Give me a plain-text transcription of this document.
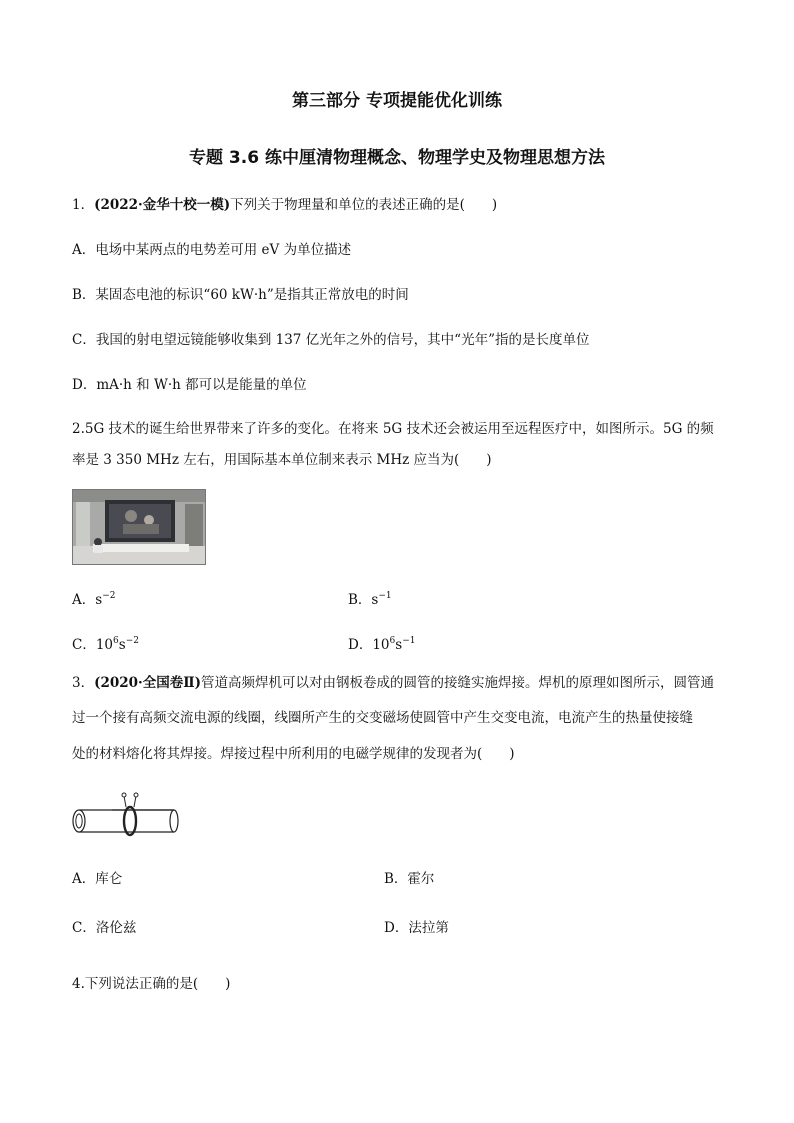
第三部分 专项提能优化训练
专题 3.6 练中厘清物理概念、物理学史及物理思想方法
1．(2022·金华十校一模)下列关于物理量和单位的表述正确的是(　　)
A．电场中某两点的电势差可用 eV 为单位描述
B．某固态电池的标识“60 kW·h”是指其正常放电的时间
C．我国的射电望远镜能够收集到 137 亿光年之外的信号，其中“光年”指的是长度单位
D．mA·h 和 W·h 都可以是能量的单位
2.5G 技术的诞生给世界带来了许多的变化。在将来 5G 技术还会被运用至远程医疗中，如图所示。5G 的频
率是 3 350 MHz 左右，用国际基本单位制来表示 MHz 应当为(　　)
A．$s^{-2}$	B．$s^{-1}$
C．$10^6s^{-2}$	D．$10^6s^{-1}$
3．(2020·全国卷Ⅱ)管道高频焊机可以对由钢板卷成的圆管的接缝实施焊接。焊机的原理如图所示，圆管通
过一个接有高频交流电源的线圈，线圈所产生的交变磁场使圆管中产生交变电流，电流产生的热量使接缝
处的材料熔化将其焊接。焊接过程中所利用的电磁学规律的发现者为(　　)
A．库仑	B．霍尔
C．洛伦兹	D．法拉第
4.下列说法正确的是(　　)
